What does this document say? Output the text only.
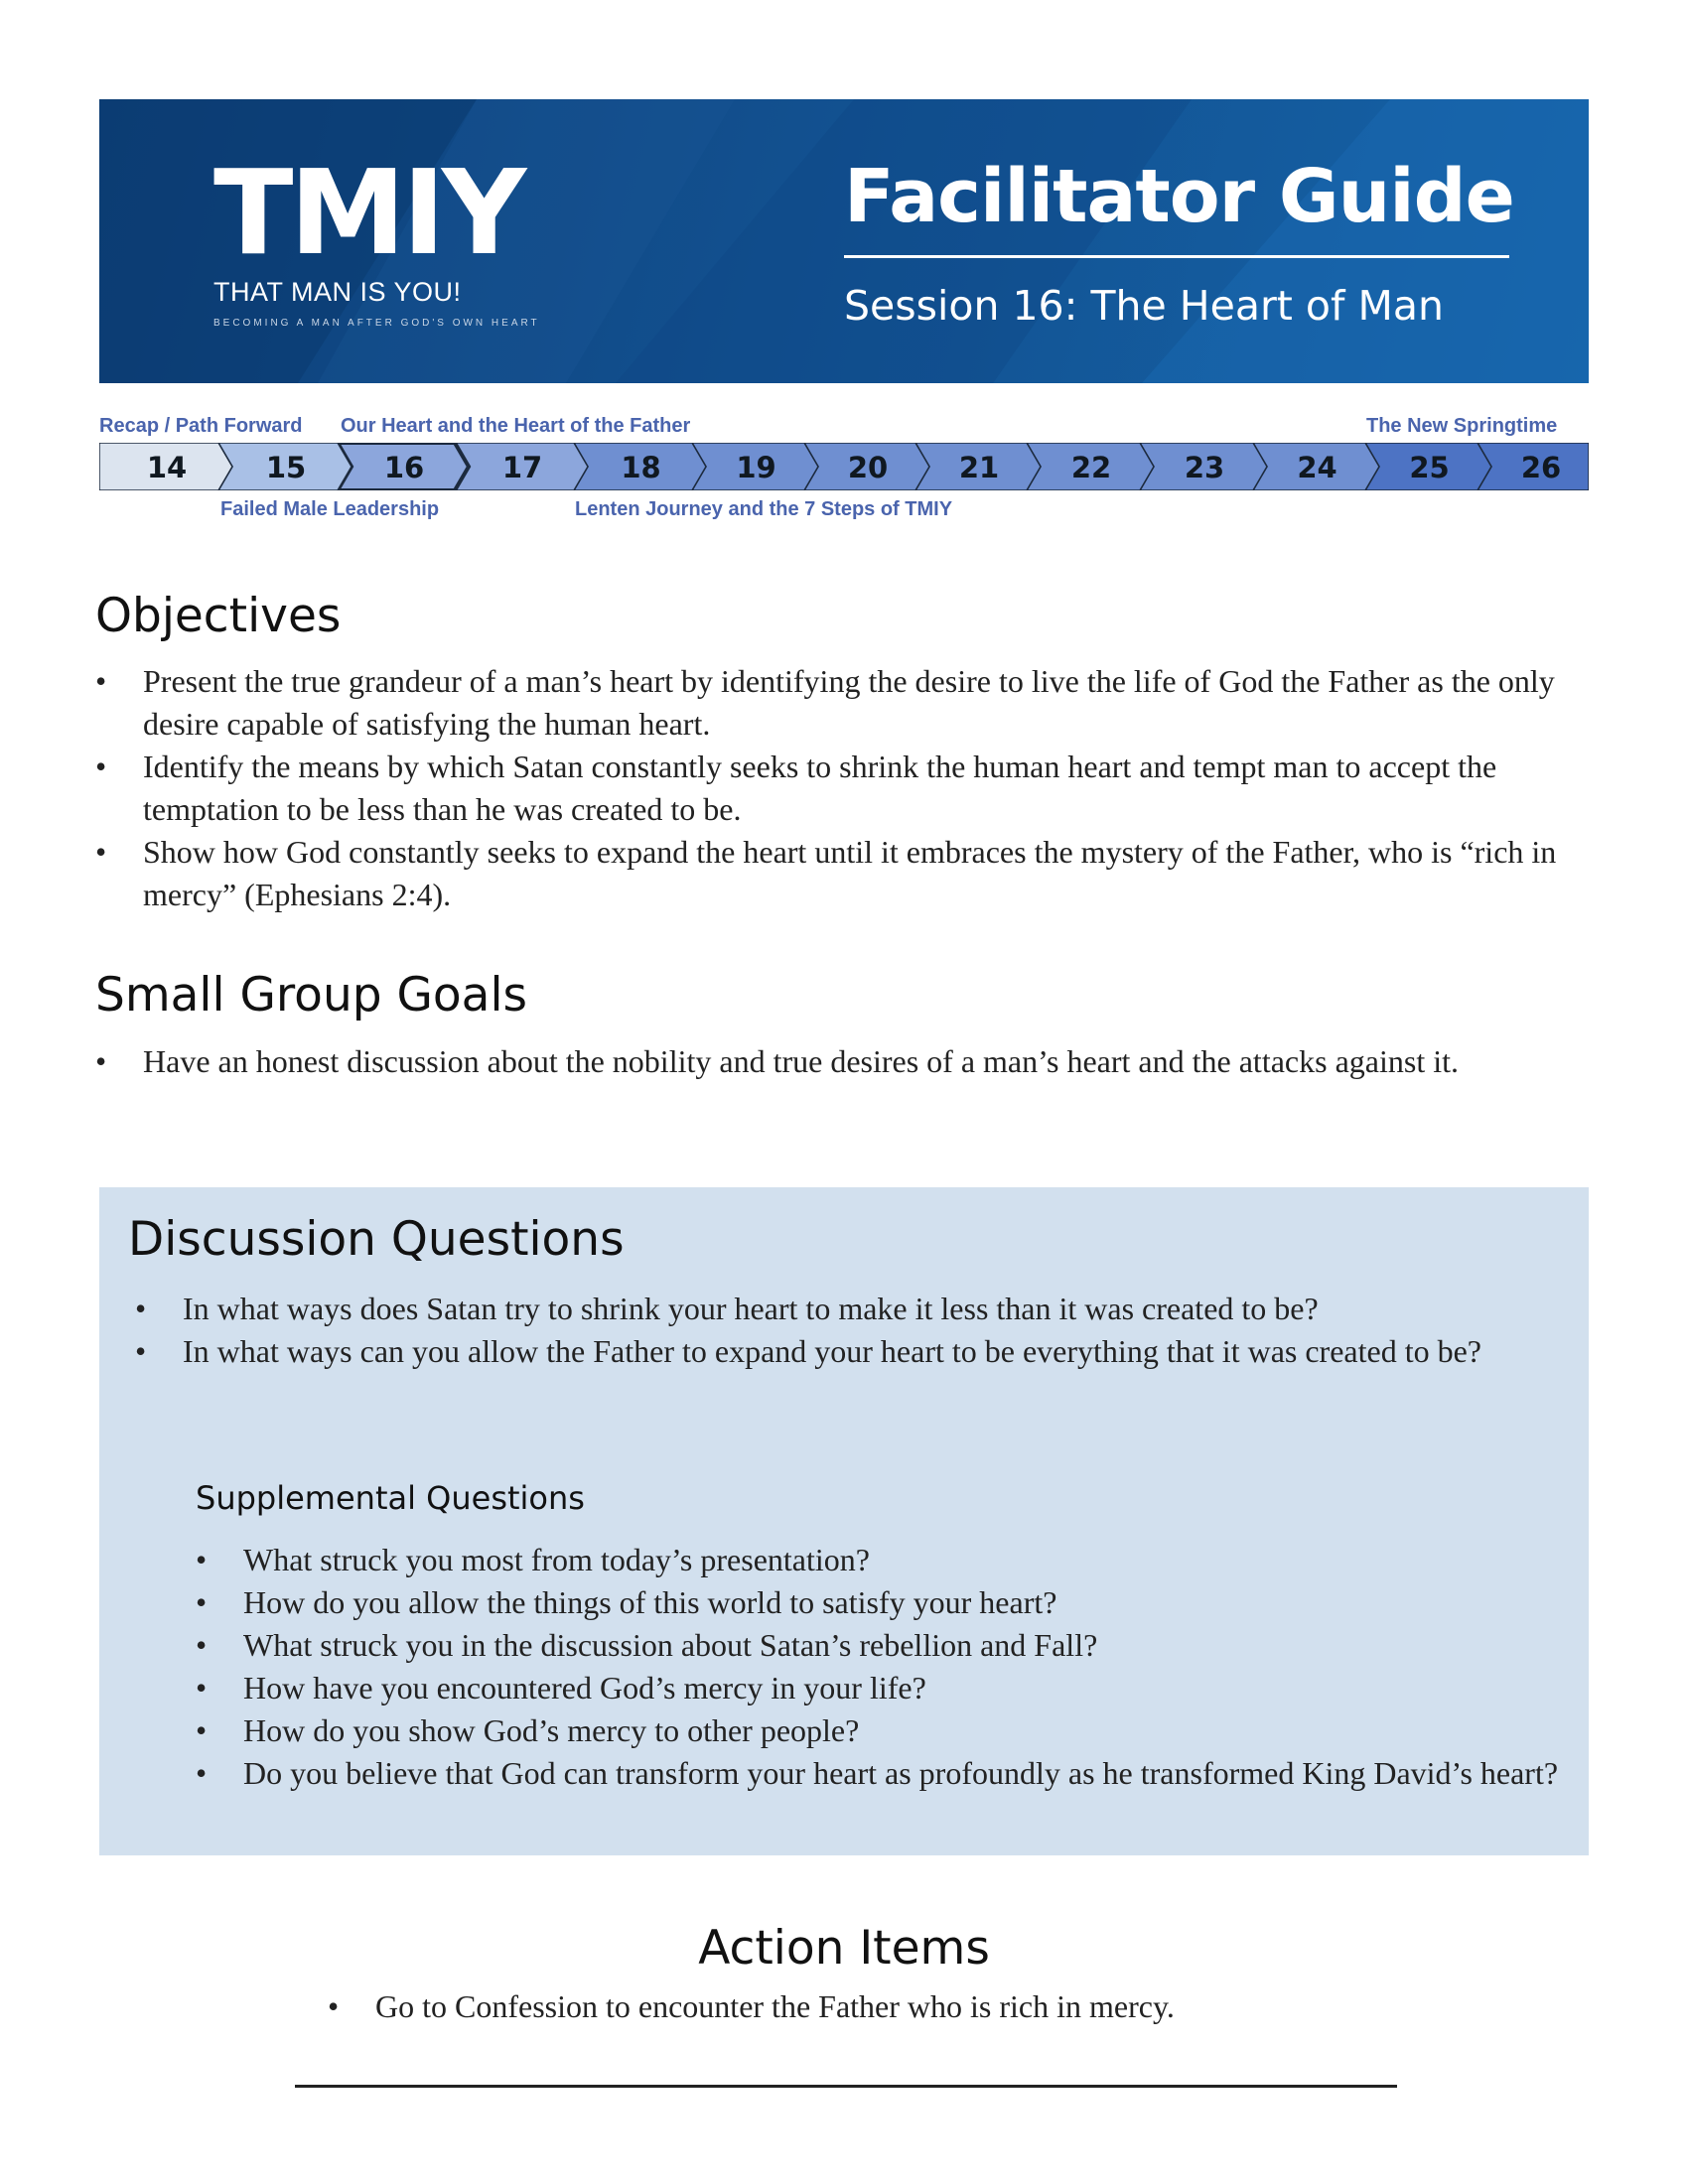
TMIY
THAT MAN IS YOU!
BECOMING A MAN AFTER GOD'S OWN HEART
Facilitator Guide
Session 16: The Heart of Man
Recap / Path Forward Our Heart and the Heart of the Father	The New Springtime
Failed Male Leadership	Lenten Journey and the 7 Steps of TMIY
14	15	16	17	18	19	20	21	22	23	24	25	26
Objectives
• Present the true grandeur of a man’s heart by identifying the desire to live the life of God the Father as the only desire capable of satisfying the human heart.
• Identify the means by which Satan constantly seeks to shrink the human heart and tempt man to accept the temptation to be less than he was created to be.
• Show how God constantly seeks to expand the heart until it embraces the mystery of the Father, who is “rich in mercy” (Ephesians 2:4).
Small Group Goals
• Have an honest discussion about the nobility and true desires of a man’s heart and the attacks against it.
Discussion Questions
• In what ways does Satan try to shrink your heart to make it less than it was created to be?
• In what ways can you allow the Father to expand your heart to be everything that it was created to be?
Supplemental Questions
• What struck you most from today’s presentation?
• How do you allow the things of this world to satisfy your heart?
• What struck you in the discussion about Satan’s rebellion and Fall?
• How have you encountered God’s mercy in your life?
• How do you show God’s mercy to other people?
• Do you believe that God can transform your heart as profoundly as he transformed King David’s heart?
Action Items
• Go to Confession to encounter the Father who is rich in mercy.
